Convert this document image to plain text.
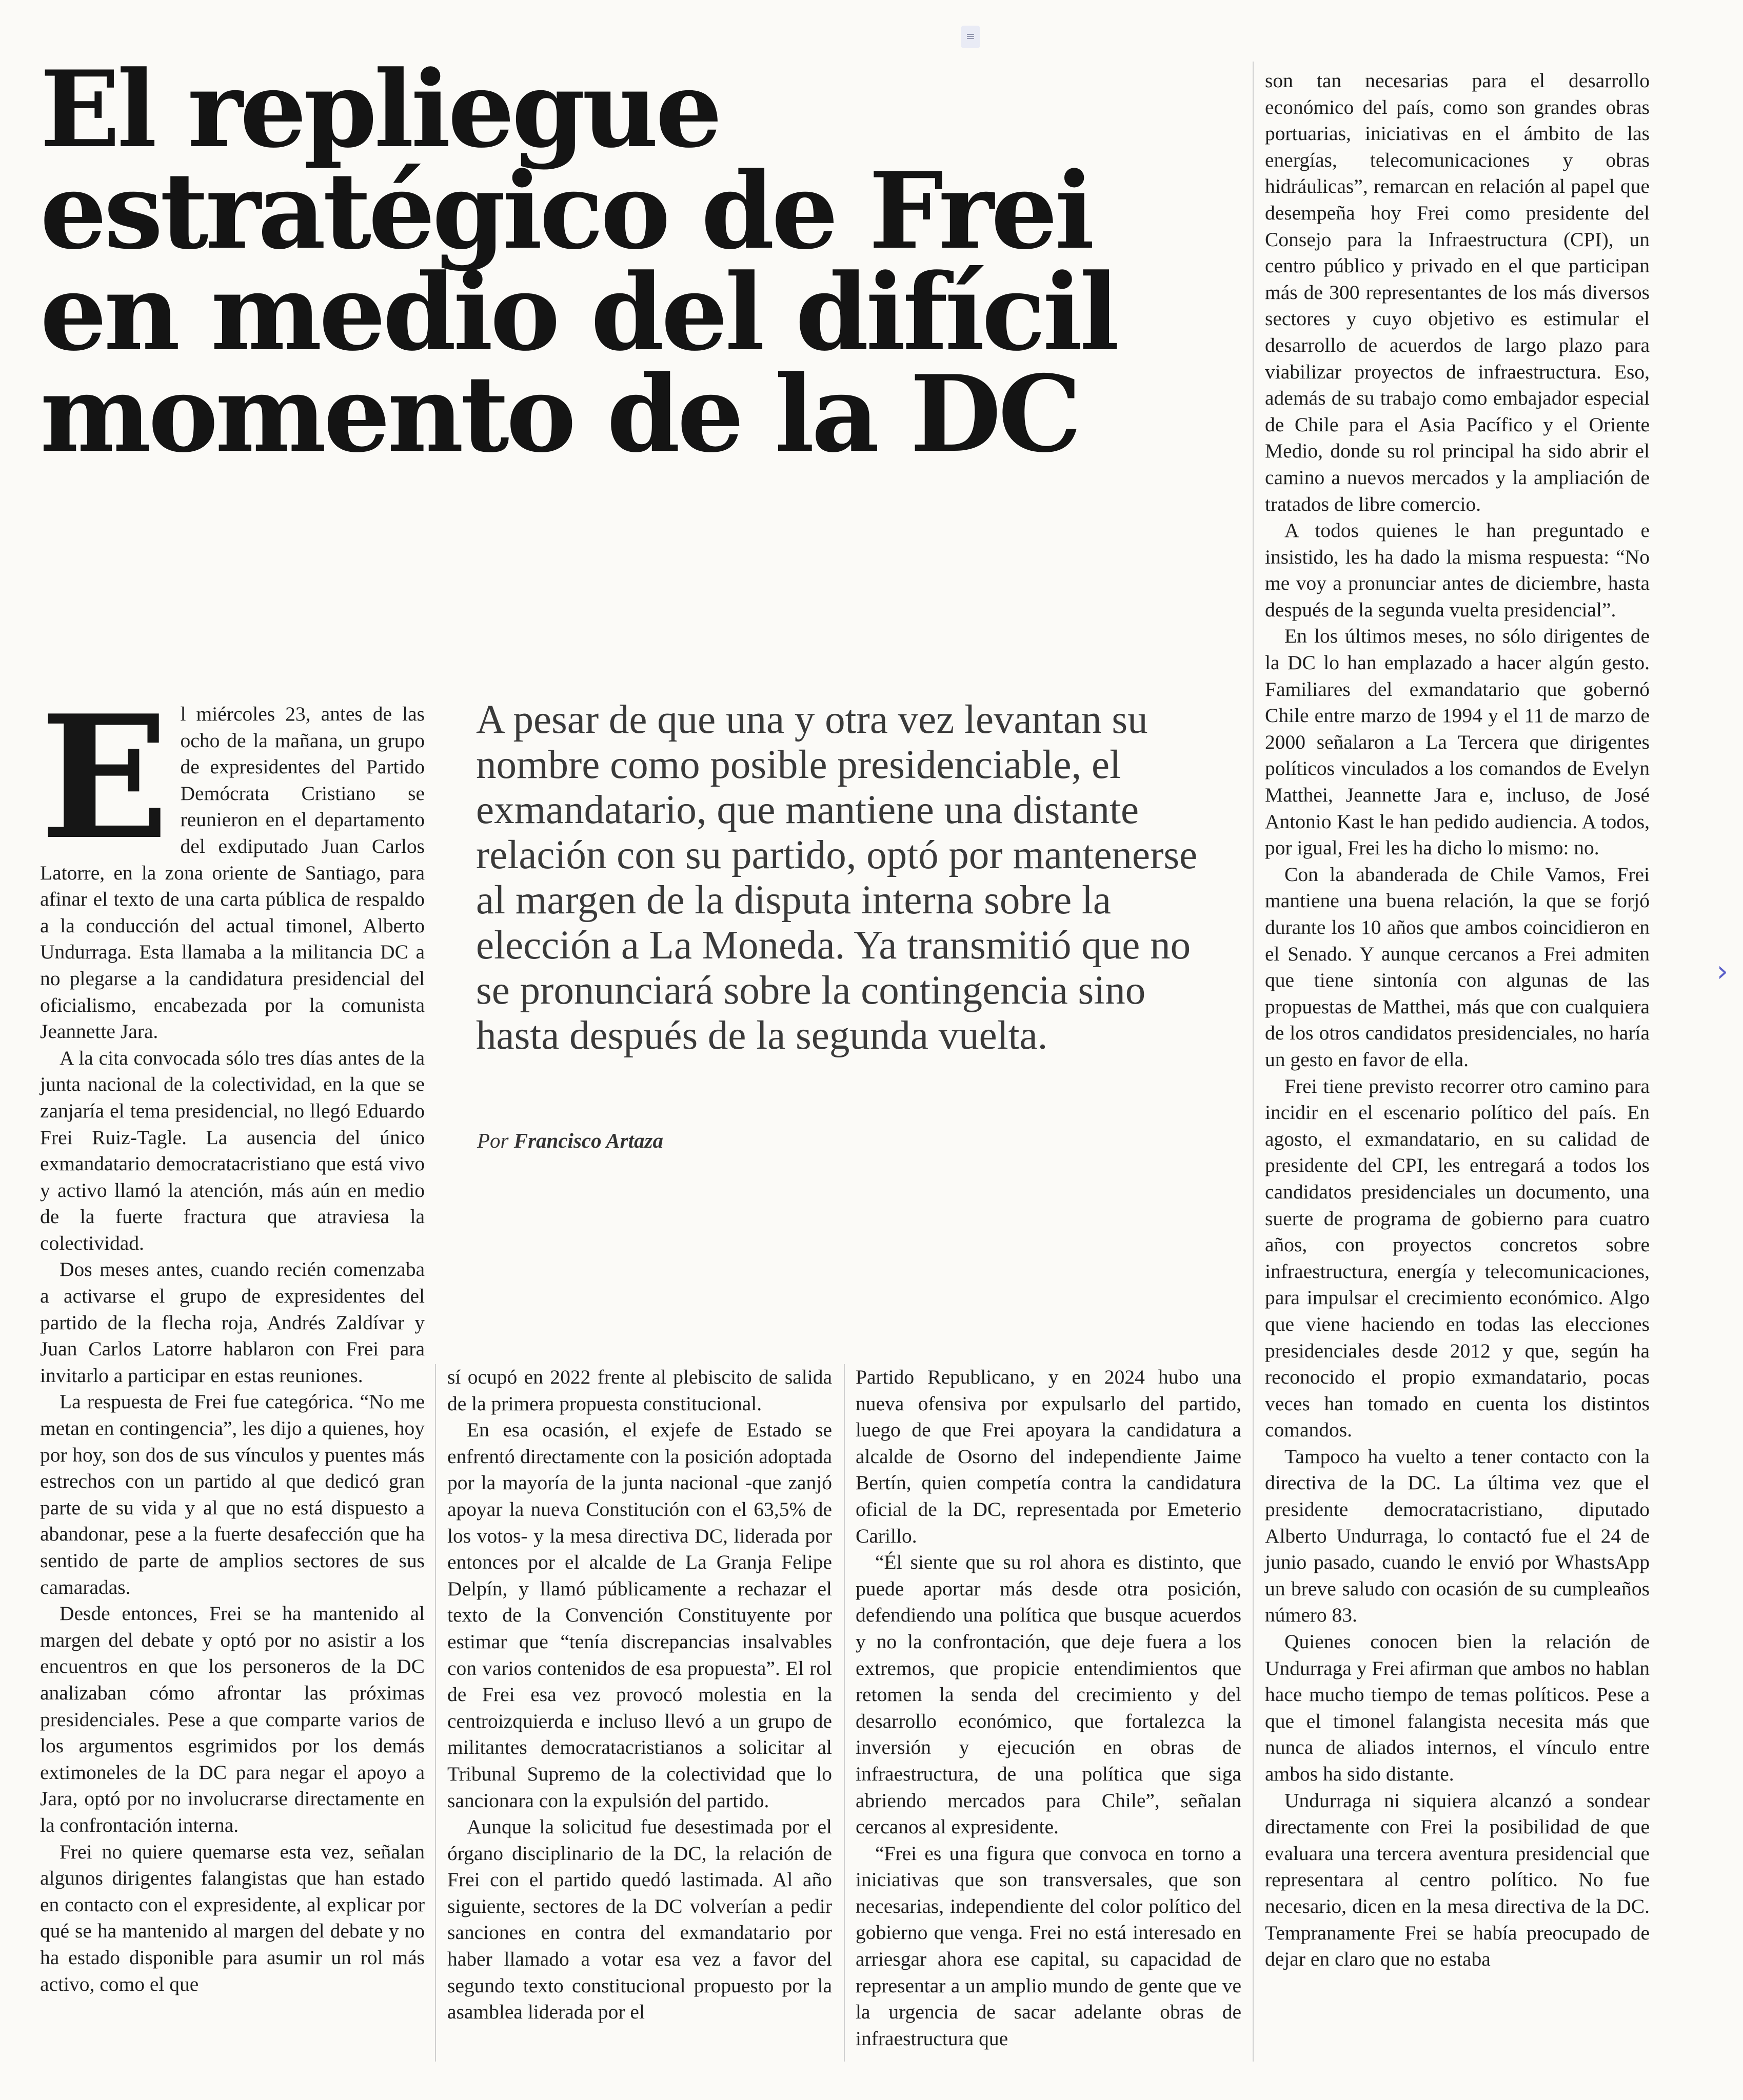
≡
El repliegue estratégico de Frei en medio del difícil momento de la DC
E l miércoles 23, antes de las ocho de la mañana, un grupo de expresidentes del Partido Demócrata Cristiano se reunieron en el departamento del exdiputado Juan Carlos Latorre, en la zona oriente de Santiago, para afinar el texto de una carta pública de respaldo a la conducción del actual timonel, Alberto Undurraga. Esta llamaba a la militancia DC a no plegarse a la candidatura presidencial del oficialismo, encabezada por la comunista Jeannette Jara.

A la cita convocada sólo tres días antes de la junta nacional de la colectividad, en la que se zanjaría el tema presidencial, no llegó Eduardo Frei Ruiz-Tagle. La ausencia del único exmandatario democratacristiano que está vivo y activo llamó la atención, más aún en medio de la fuerte fractura que atraviesa la colectividad.

Dos meses antes, cuando recién comenzaba a activarse el grupo de expresidentes del partido de la flecha roja, Andrés Zaldívar y Juan Carlos Latorre hablaron con Frei para invitarlo a participar en estas reuniones.

La respuesta de Frei fue categórica. “No me metan en contingencia”, les dijo a quienes, hoy por hoy, son dos de sus vínculos y puentes más estrechos con un partido al que dedicó gran parte de su vida y al que no está dispuesto a abandonar, pese a la fuerte desafección que ha sentido de parte de amplios sectores de sus camaradas.

Desde entonces, Frei se ha mantenido al margen del debate y optó por no asistir a los encuentros en que los personeros de la DC analizaban cómo afrontar las próximas presidenciales. Pese a que comparte varios de los argumentos esgrimidos por los demás extimoneles de la DC para negar el apoyo a Jara, optó por no involucrarse directamente en la confrontación interna.

Frei no quiere quemarse esta vez, señalan algunos dirigentes falangistas que han estado en contacto con el expresidente, al explicar por qué se ha mantenido al margen del debate y no ha estado disponible para asumir un rol más activo, como el que

A pesar de que una y otra vez levantan su nombre como posible presidenciable, el exmandatario, que mantiene una distante relación con su partido, optó por mantenerse al margen de la disputa interna sobre la elección a La Moneda. Ya transmitió que no se pronunciará sobre la contingencia sino hasta después de la segunda vuelta.

Por Francisco Artaza

sí ocupó en 2022 frente al plebiscito de salida de la primera propuesta constitucional.

En esa ocasión, el exjefe de Estado se enfrentó directamente con la posición adoptada por la mayoría de la junta nacional -que zanjó apoyar la nueva Constitución con el 63,5% de los votos- y la mesa directiva DC, liderada por entonces por el alcalde de La Granja Felipe Delpín, y llamó públicamente a rechazar el texto de la Convención Constituyente por estimar que “tenía discrepancias insalvables con varios contenidos de esa propuesta”. El rol de Frei esa vez provocó molestia en la centroizquierda e incluso llevó a un grupo de militantes democratacristianos a solicitar al Tribunal Supremo de la colectividad que lo sancionara con la expulsión del partido.

Aunque la solicitud fue desestimada por el órgano disciplinario de la DC, la relación de Frei con el partido quedó lastimada. Al año siguiente, sectores de la DC volverían a pedir sanciones en contra del exmandatario por haber llamado a votar esa vez a favor del segundo texto constitucional propuesto por la asamblea liderada por el

Partido Republicano, y en 2024 hubo una nueva ofensiva por expulsarlo del partido, luego de que Frei apoyara la candidatura a alcalde de Osorno del independiente Jaime Bertín, quien competía contra la candidatura oficial de la DC, representada por Emeterio Carillo.

“Él siente que su rol ahora es distinto, que puede aportar más desde otra posición, defendiendo una política que busque acuerdos y no la confrontación, que deje fuera a los extremos, que propicie entendimientos que retomen la senda del crecimiento y del desarrollo económico, que fortalezca la inversión y ejecución en obras de infraestructura, de una política que siga abriendo mercados para Chile”, señalan cercanos al expresidente.

“Frei es una figura que convoca en torno a iniciativas que son transversales, que son necesarias, independiente del color político del gobierno que venga. Frei no está interesado en arriesgar ahora ese capital, su capacidad de representar a un amplio mundo de gente que ve la urgencia de sacar adelante obras de infraestructura que

son tan necesarias para el desarrollo económico del país, como son grandes obras portuarias, iniciativas en el ámbito de las energías, telecomunicaciones y obras hidráulicas”, remarcan en relación al papel que desempeña hoy Frei como presidente del Consejo para la Infraestructura (CPI), un centro público y privado en el que participan más de 300 representantes de los más diversos sectores y cuyo objetivo es estimular el desarrollo de acuerdos de largo plazo para viabilizar proyectos de infraestructura. Eso, además de su trabajo como embajador especial de Chile para el Asia Pacífico y el Oriente Medio, donde su rol principal ha sido abrir el camino a nuevos mercados y la ampliación de tratados de libre comercio.

A todos quienes le han preguntado e insistido, les ha dado la misma respuesta: “No me voy a pronunciar antes de diciembre, hasta después de la segunda vuelta presidencial”.

En los últimos meses, no sólo dirigentes de la DC lo han emplazado a hacer algún gesto. Familiares del exmandatario que gobernó Chile entre marzo de 1994 y el 11 de marzo de 2000 señalaron a La Tercera que dirigentes políticos vinculados a los comandos de Evelyn Matthei, Jeannette Jara e, incluso, de José Antonio Kast le han pedido audiencia. A todos, por igual, Frei les ha dicho lo mismo: no.

Con la abanderada de Chile Vamos, Frei mantiene una buena relación, la que se forjó durante los 10 años que ambos coincidieron en el Senado. Y aunque cercanos a Frei admiten que tiene sintonía con algunas de las propuestas de Matthei, más que con cualquiera de los otros candidatos presidenciales, no haría un gesto en favor de ella.

Frei tiene previsto recorrer otro camino para incidir en el escenario político del país. En agosto, el exmandatario, en su calidad de presidente del CPI, les entregará a todos los candidatos presidenciales un documento, una suerte de programa de gobierno para cuatro años, con proyectos concretos sobre infraestructura, energía y telecomunicaciones, para impulsar el crecimiento económico. Algo que viene haciendo en todas las elecciones presidenciales desde 2012 y que, según ha reconocido el propio exmandatario, pocas veces han tomado en cuenta los distintos comandos.

Tampoco ha vuelto a tener contacto con la directiva de la DC. La última vez que el presidente democratacristiano, diputado Alberto Undurraga, lo contactó fue el 24 de junio pasado, cuando le envió por WhastsApp un breve saludo con ocasión de su cumpleaños número 83.

Quienes conocen bien la relación de Undurraga y Frei afirman que ambos no hablan hace mucho tiempo de temas políticos. Pese a que el timonel falangista necesita más que nunca de aliados internos, el vínculo entre ambos ha sido distante.

Undurraga ni siquiera alcanzó a sondear directamente con Frei la posibilidad de que evaluara una tercera aventura presidencial que representara al centro político. No fue necesario, dicen en la mesa directiva de la DC. Tempranamente Frei se había preocupado de dejar en claro que no estaba

›
